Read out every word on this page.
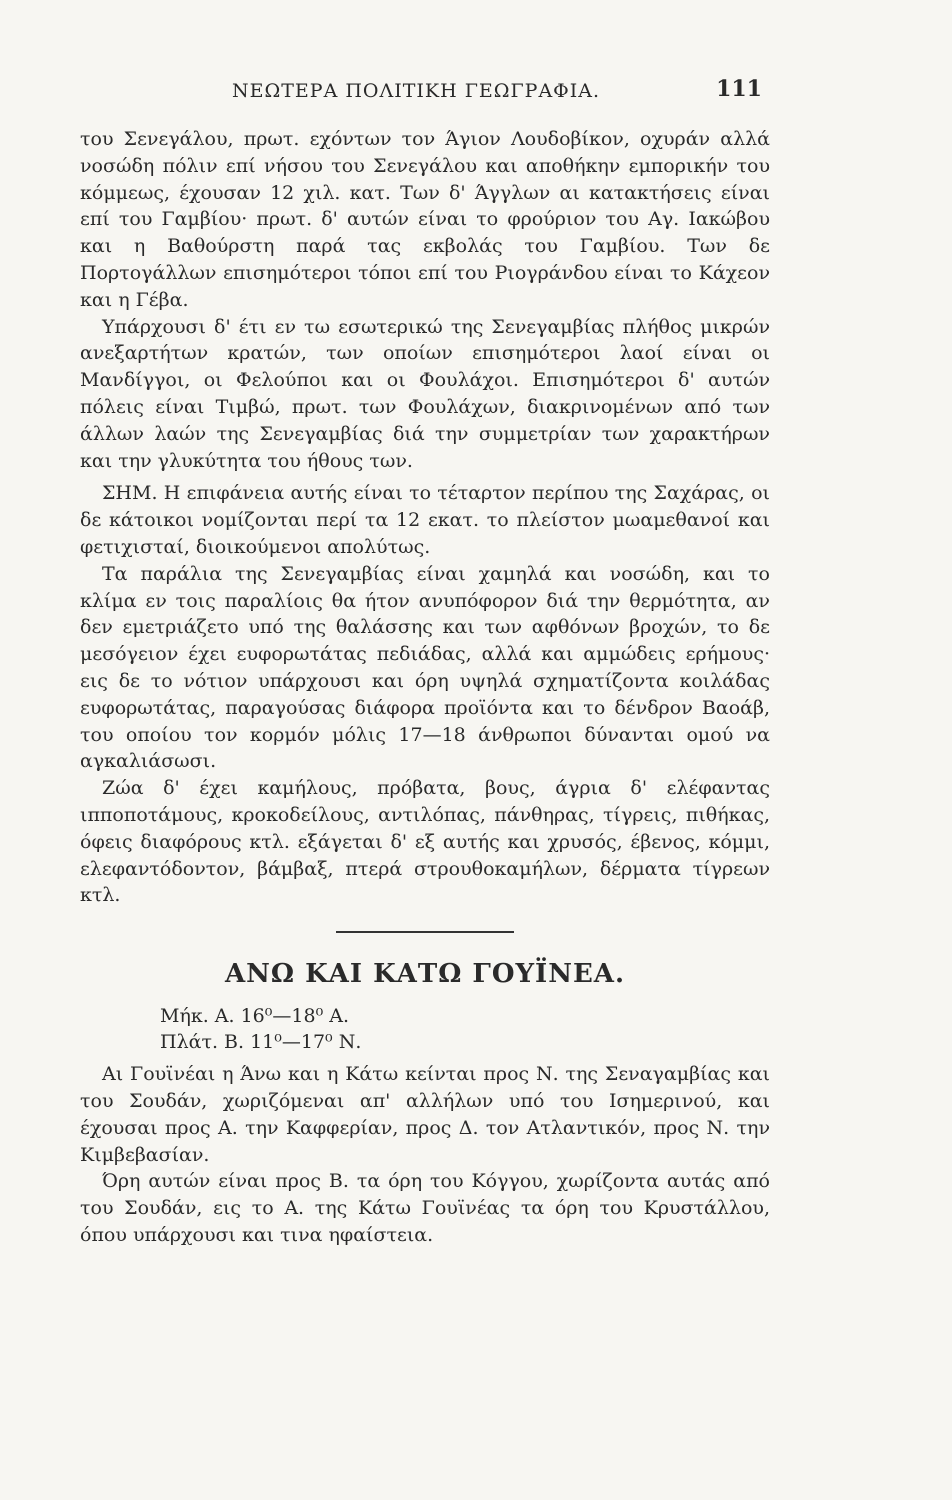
ΝΕΩΤΕΡΑ ΠΟΛΙΤΙΚΗ ΓΕΩΓΡΑΦΙΑ.	111

του Σενεγάλου, πρωτ. εχόντων τον Άγιον Λουδοβίκον, οχυράν αλλά νοσώδη πόλιν επί νήσου του Σενεγάλου και αποθήκην εμπορικήν του κόμμεως, έχουσαν 12 χιλ. κατ. Των δ' Άγγλων αι κατακτήσεις είναι επί του Γαμβίου· πρωτ. δ' αυτών είναι το φρούριον του Αγ. Ιακώβου και η Βαθούρστη παρά τας εκβολάς του Γαμβίου. Των δε Πορτογάλλων επισημότεροι τόποι επί του Ριογράνδου είναι το Κάχεον και η Γέβα.

Υπάρχουσι δ' έτι εν τω εσωτερικώ της Σενεγαμβίας πλήθος μικρών ανεξαρτήτων κρατών, των οποίων επισημότεροι λαοί είναι οι Μανδίγγοι, οι Φελούποι και οι Φουλάχοι. Επισημότεροι δ' αυτών πόλεις είναι Τιμβώ, πρωτ. των Φουλάχων, διακρινομένων από των άλλων λαών της Σενεγαμβίας διά την συμμετρίαν των χαρακτήρων και την γλυκύτητα του ήθους των.

ΣΗΜ. Η επιφάνεια αυτής είναι το τέταρτον περίπου της Σαχάρας, οι δε κάτοικοι νομίζονται περί τα 12 εκατ. το πλείστον μωαμεθανοί και φετιχισταί, διοικούμενοι απολύτως.

Τα παράλια της Σενεγαμβίας είναι χαμηλά και νοσώδη, και το κλίμα εν τοις παραλίοις θα ήτον ανυπόφορον διά την θερμότητα, αν δεν εμετριάζετο υπό της θαλάσσης και των αφθόνων βροχών, το δε μεσόγειον έχει ευφορωτάτας πεδιάδας, αλλά και αμμώδεις ερήμους· εις δε το νότιον υπάρχουσι και όρη υψηλά σχηματίζοντα κοιλάδας ευφορωτάτας, παραγούσας διάφορα προϊόντα και το δένδρον Βαοάβ, του οποίου τον κορμόν μόλις 17—18 άνθρωποι δύνανται ομού να αγκαλιάσωσι.

Ζώα δ' έχει καμήλους, πρόβατα, βους, άγρια δ' ελέφαντας ιπποποτάμους, κροκοδείλους, αντιλόπας, πάνθηρας, τίγρεις, πιθήκας, όφεις διαφόρους κτλ. εξάγεται δ' εξ αυτής και χρυσός, έβενος, κόμμι, ελεφαντόδοντον, βάμβαξ, πτερά στρουθοκαμήλων, δέρματα τίγρεων κτλ.

ΑΝΩ ΚΑΙ ΚΑΤΩ ΓΟΥΪΝΕΑ.

Μήκ. Α. 16⁰—18⁰ Α.

Πλάτ. Β. 11⁰—17⁰ Ν.

Αι Γουϊνέαι η Άνω και η Κάτω κείνται προς Ν. της Σεναγαμβίας και του Σουδάν, χωριζόμεναι απ' αλλήλων υπό του Ισημερινού, και έχουσαι προς Α. την Καφφερίαν, προς Δ. τον Ατλαντικόν, προς Ν. την Κιμβεβασίαν.

Όρη αυτών είναι προς Β. τα όρη του Κόγγου, χωρίζοντα αυτάς από του Σουδάν, εις το Α. της Κάτω Γουϊνέας τα όρη του Κρυστάλλου, όπου υπάρχουσι και τινα ηφαίστεια.
